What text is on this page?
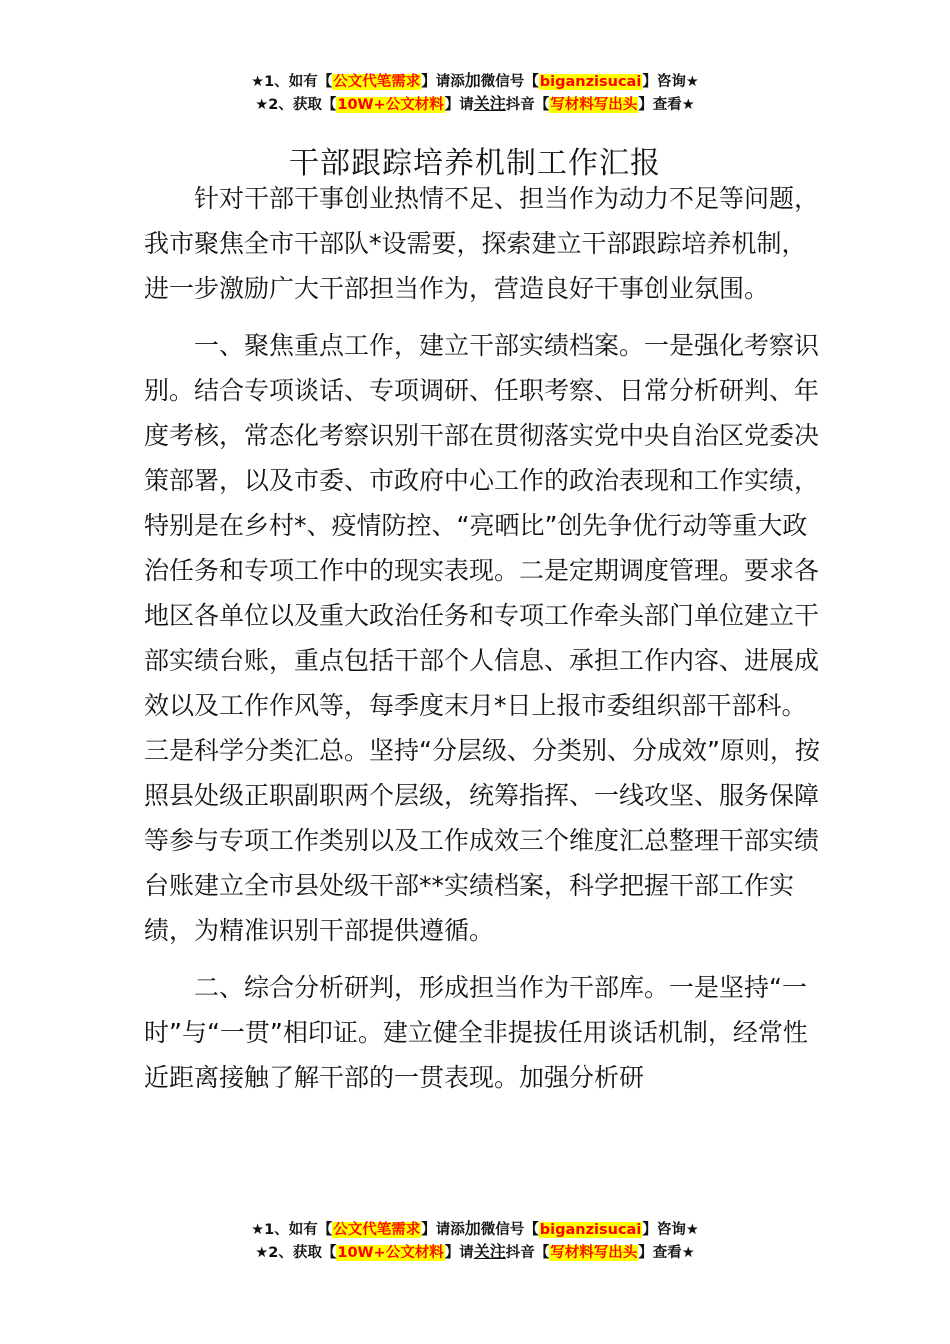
★1、如有【公文代笔需求】请添加微信号【biganzisucai】咨询★
★2、获取【10W+公文材料】请关注抖音【写材料写出头】查看★
干部跟踪培养机制工作汇报

针对干部干事创业热情不足、担当作为动力不足等问题，我市聚焦全市干部队*设需要，探索建立干部跟踪培养机制，进一步激励广大干部担当作为，营造良好干事创业氛围。

一、聚焦重点工作，建立干部实绩档案。一是强化考察识别。结合专项谈话、专项调研、任职考察、日常分析研判、年度考核，常态化考察识别干部在贯彻落实党中央自治区党委决策部署，以及市委、市政府中心工作的政治表现和工作实绩，特别是在乡村*、疫情防控、“亮晒比”创先争优行动等重大政治任务和专项工作中的现实表现。二是定期调度管理。要求各地区各单位以及重大政治任务和专项工作牵头部门单位建立干部实绩台账，重点包括干部个人信息、承担工作内容、进展成效以及工作作风等，每季度末月*日上报市委组织部干部科。三是科学分类汇总。坚持“分层级、分类别、分成效”原则，按照县处级正职副职两个层级，统筹指挥、一线攻坚、服务保障等参与专项工作类别以及工作成效三个维度汇总整理干部实绩台账建立全市县处级干部**实绩档案，科学把握干部工作实绩，为精准识别干部提供遵循。

二、综合分析研判，形成担当作为干部库。一是坚持“一时”与“一贯”相印证。建立健全非提拔任用谈话机制，经常性近距离接触了解干部的一贯表现。加强分析研

★1、如有【公文代笔需求】请添加微信号【biganzisucai】咨询★
★2、获取【10W+公文材料】请关注抖音【写材料写出头】查看★
